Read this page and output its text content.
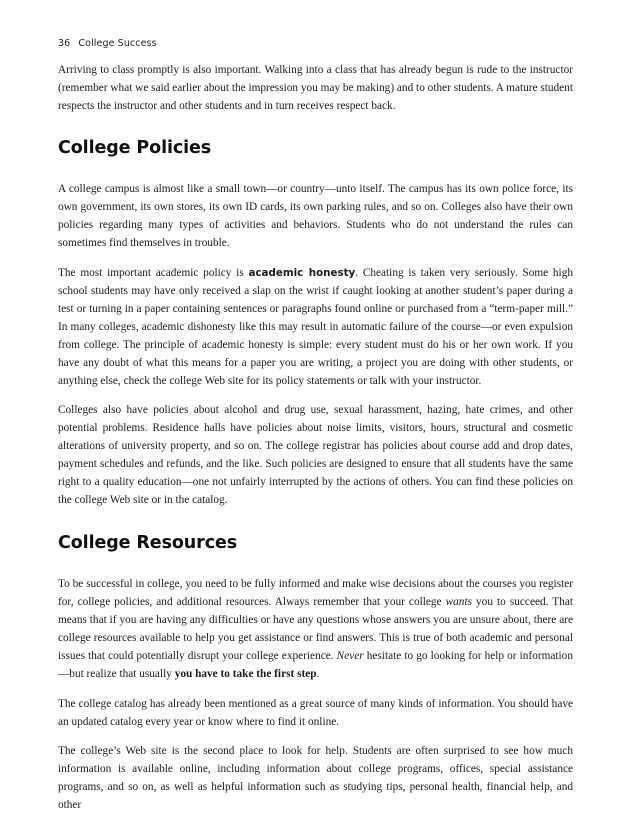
36 College Success

Arriving to class promptly is also important. Walking into a class that has already begun is rude to the instructor (remember what we said earlier about the impression you may be making) and to other students. A mature student respects the instructor and other students and in turn receives respect back.

College Policies

A college campus is almost like a small town—or country—unto itself. The campus has its own police force, its own government, its own stores, its own ID cards, its own parking rules, and so on. Colleges also have their own policies regarding many types of activities and behaviors. Students who do not understand the rules can sometimes find themselves in trouble.

The most important academic policy is academic honesty. Cheating is taken very seriously. Some high school students may have only received a slap on the wrist if caught looking at another student’s paper during a test or turning in a paper containing sentences or paragraphs found online or purchased from a “term-paper mill.” In many colleges, academic dishonesty like this may result in automatic failure of the course—or even expulsion from college. The principle of academic honesty is simple: every student must do his or her own work. If you have any doubt of what this means for a paper you are writing, a project you are doing with other students, or anything else, check the college Web site for its policy statements or talk with your instructor.

Colleges also have policies about alcohol and drug use, sexual harassment, hazing, hate crimes, and other potential problems. Residence halls have policies about noise limits, visitors, hours, structural and cosmetic alterations of university property, and so on. The college registrar has policies about course add and drop dates, payment schedules and refunds, and the like. Such policies are designed to ensure that all students have the same right to a quality education—one not unfairly interrupted by the actions of others. You can find these policies on the college Web site or in the catalog.

College Resources

To be successful in college, you need to be fully informed and make wise decisions about the courses you register for, college policies, and additional resources. Always remember that your college wants you to succeed. That means that if you are having any difficulties or have any questions whose answers you are unsure about, there are college resources available to help you get assistance or find answers. This is true of both academic and personal issues that could potentially disrupt your college experience. Never hesitate to go looking for help or information—but realize that usually you have to take the first step.

The college catalog has already been mentioned as a great source of many kinds of information. You should have an updated catalog every year or know where to find it online.

The college’s Web site is the second place to look for help. Students are often surprised to see how much information is available online, including information about college programs, offices, special assistance programs, and so on, as well as helpful information such as studying tips, personal health, financial help, and other
